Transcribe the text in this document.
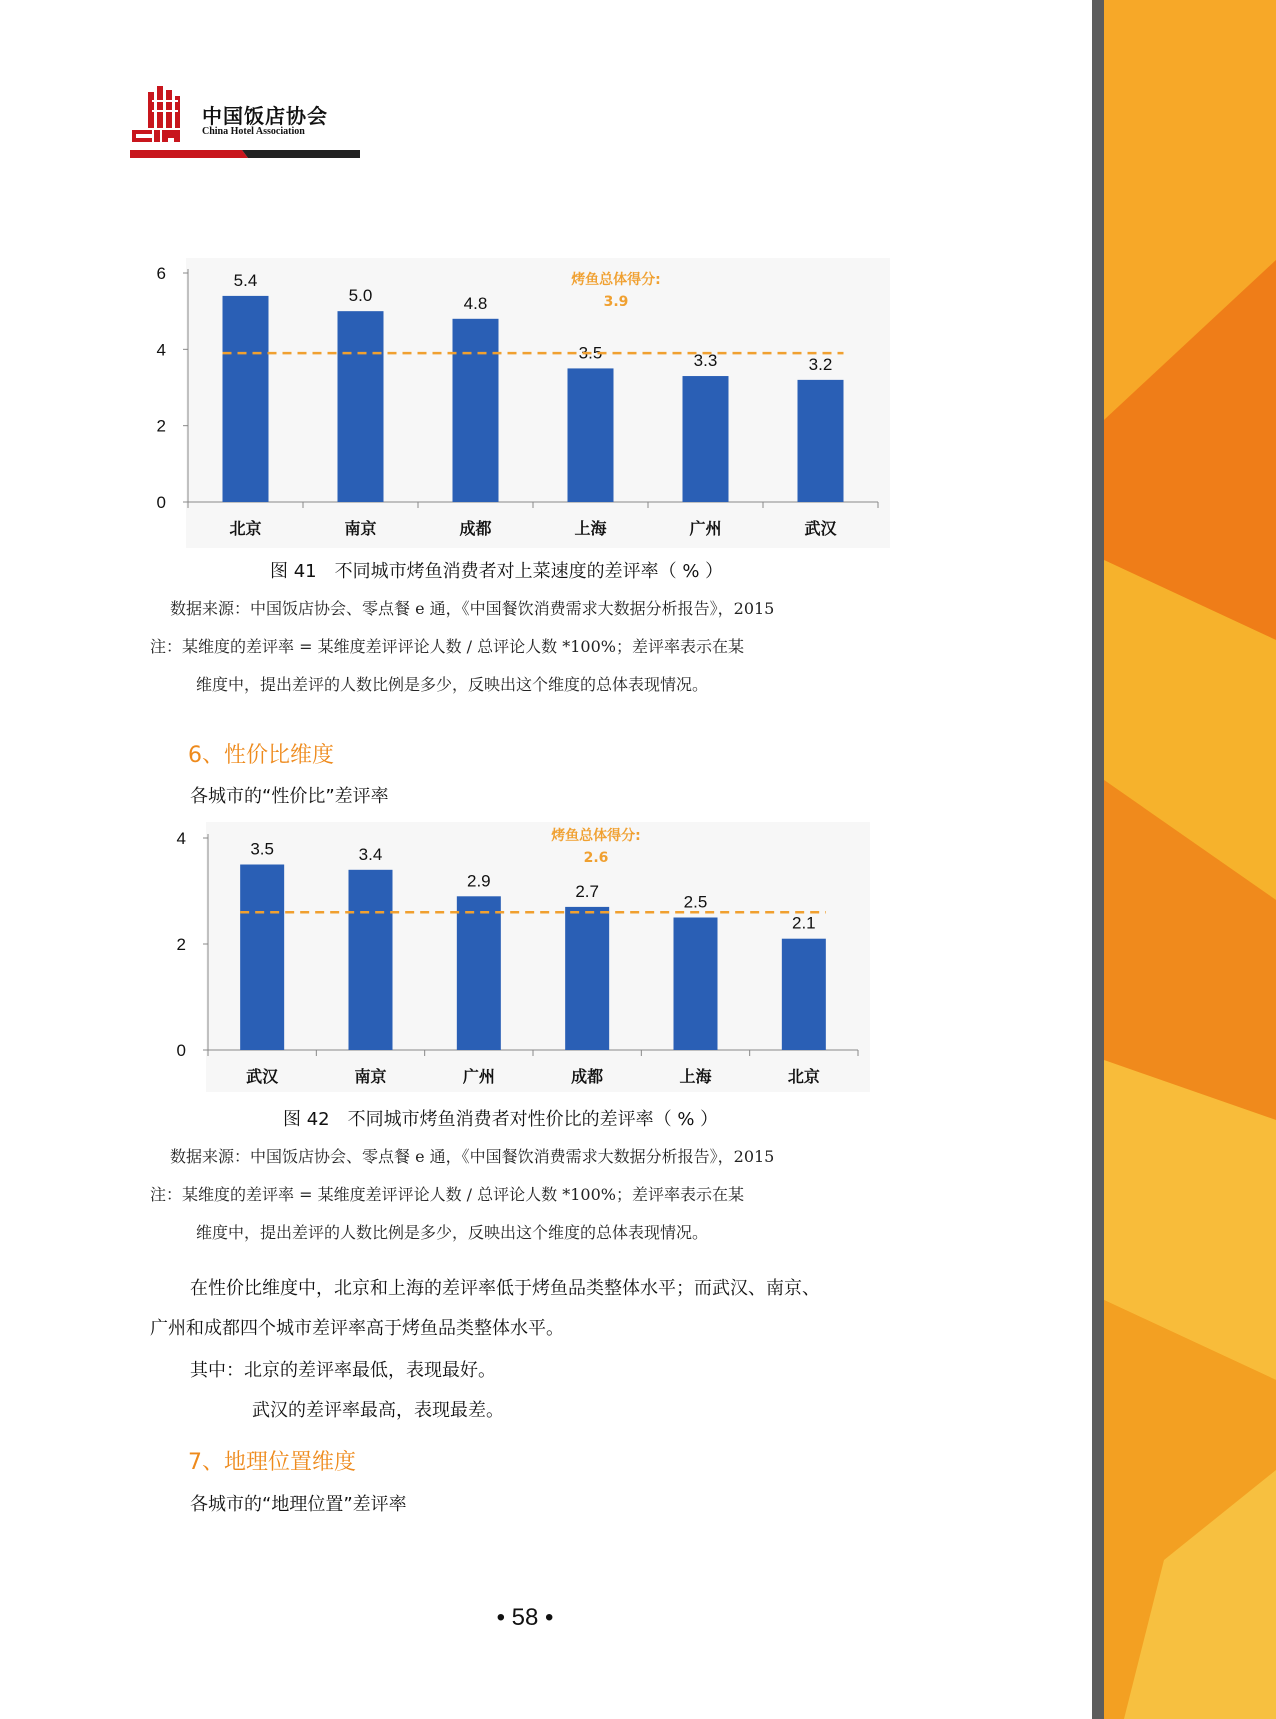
中国饭店协会
China Hotel Association
0
2
4
6	5.4
北京
5.0
南京
4.8
成都
3.5
上海
3.3
广州
3.2
武汉
烤鱼总体得分:
3.9
图 41　不同城市烤鱼消费者对上菜速度的差评率（ % ）
数据来源：中国饭店协会、零点餐 e 通，《中国餐饮消费需求大数据分析报告》，2015
注：某维度的差评率 = 某维度差评评论人数 / 总评论人数 *100%；差评率表示在某
维度中，提出差评的人数比例是多少，反映出这个维度的总体表现情况。
6、性价比维度
各城市的“性价比”差评率
0
2
4
3.5
武汉
3.4
南京
2.9
广州
2.7
成都
2.5
上海
2.1
北京
烤鱼总体得分:
2.6
图 42　不同城市烤鱼消费者对性价比的差评率（ % ）
数据来源：中国饭店协会、零点餐 e 通，《中国餐饮消费需求大数据分析报告》，2015
注：某维度的差评率 = 某维度差评评论人数 / 总评论人数 *100%；差评率表示在某
维度中，提出差评的人数比例是多少，反映出这个维度的总体表现情况。
在性价比维度中，北京和上海的差评率低于烤鱼品类整体水平；而武汉、南京、
广州和成都四个城市差评率高于烤鱼品类整体水平。
其中：北京的差评率最低，表现最好。
武汉的差评率最高，表现最差。
7、地理位置维度
各城市的“地理位置”差评率
• 58 •
